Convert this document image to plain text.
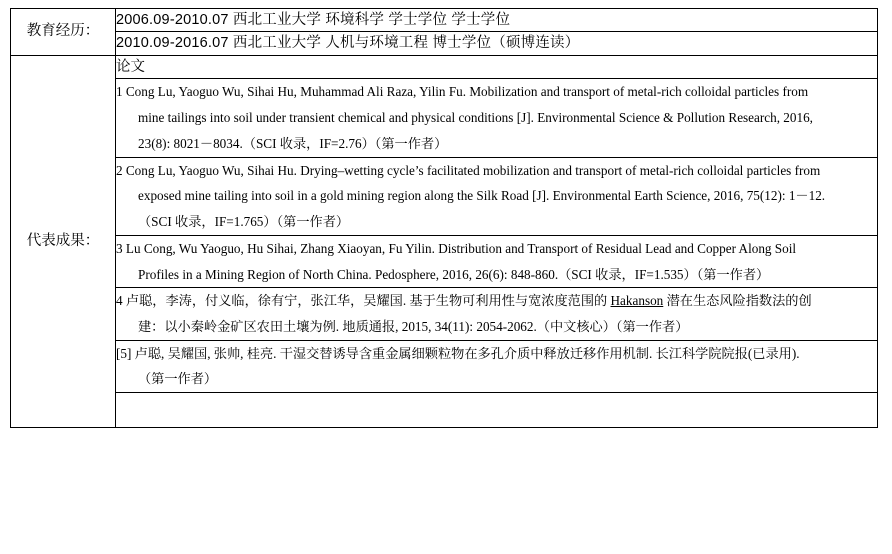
教育经历：	2006.09-2010.07 西北工业大学 环境科学 学士学位 学士学位
	2010.09-2016.07 西北工业大学 人机与环境工程 博士学位（硕博连读）
代表成果：	论文

	1 Cong Lu, Yaoguo Wu, Sihai Hu, Muhammad Ali Raza, Yilin Fu. Mobilization and transport of metal-rich colloidal particles from
mine tailings into soil under transient chemical and physical conditions [J]. Environmental Science & Pollution Research, 2016,
23(8): 8021－8034.（SCI 收录，IF=2.76）（第一作者）

	2 Cong Lu, Yaoguo Wu, Sihai Hu. Drying–wetting cycle’s facilitated mobilization and transport of metal-rich colloidal particles from
exposed mine tailing into soil in a gold mining region along the Silk Road [J]. Environmental Earth Science, 2016, 75(12): 1－12.
（SCI 收录，IF=1.765）（第一作者）

	3 Lu Cong, Wu Yaoguo, Hu Sihai, Zhang Xiaoyan, Fu Yilin. Distribution and Transport of Residual Lead and Copper Along Soil
Profiles in a Mining Region of North China. Pedosphere, 2016, 26(6): 848-860.（SCI 收录，IF=1.535）（第一作者）

	4 卢聪，李涛，付义临，徐有宁，张江华，吴耀国. 基于生物可利用性与宽浓度范围的 Hakanson 潜在生态风险指数法的创
建：以小秦岭金矿区农田土壤为例. 地质通报, 2015, 34(11): 2054-2062.（中文核心）（第一作者）

	[5] 卢聪, 吴耀国, 张帅, 桂亮. 干湿交替诱导含重金属细颗粒物在多孔介质中释放迁移作用机制. 长江科学院院报(已录用).
（第一作者）
